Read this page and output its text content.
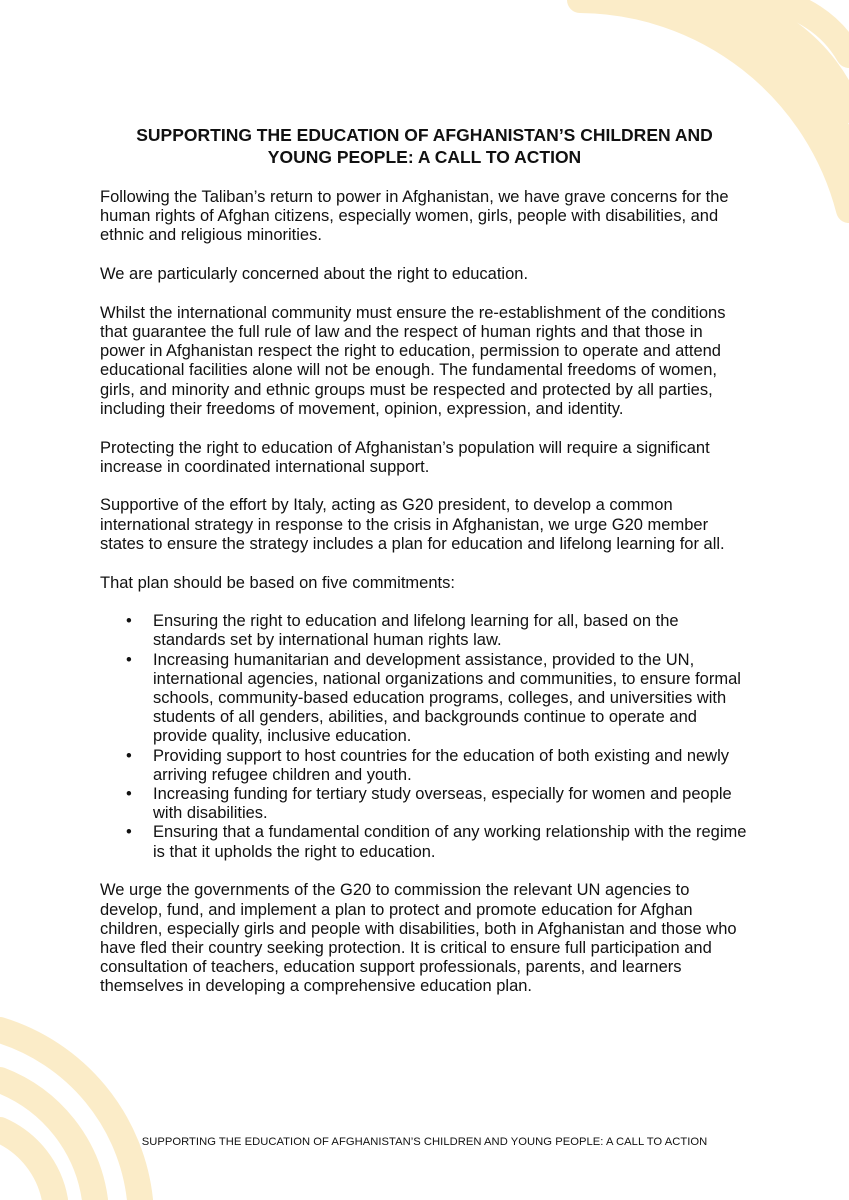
SUPPORTING THE EDUCATION OF AFGHANISTAN’S CHILDREN AND
YOUNG PEOPLE: A CALL TO ACTION

Following the Taliban’s return to power in Afghanistan, we have grave concerns for the human rights of Afghan citizens, especially women, girls, people with disabilities, and ethnic and religious minorities.

We are particularly concerned about the right to education.

Whilst the international community must ensure the re-establishment of the conditions that guarantee the full rule of law and the respect of human rights and that those in power in Afghanistan respect the right to education, permission to operate and attend educational facilities alone will not be enough. The fundamental freedoms of women, girls, and minority and ethnic groups must be respected and protected by all parties, including their freedoms of movement, opinion, expression, and identity.

Protecting the right to education of Afghanistan’s population will require a significant increase in coordinated international support.

Supportive of the effort by Italy, acting as G20 president, to develop a common international strategy in response to the crisis in Afghanistan, we urge G20 member states to ensure the strategy includes a plan for education and lifelong learning for all.

That plan should be based on five commitments:

• Ensuring the right to education and lifelong learning for all, based on the standards set by international human rights law.
• Increasing humanitarian and development assistance, provided to the UN, international agencies, national organizations and communities, to ensure formal schools, community-based education programs, colleges, and universities with students of all genders, abilities, and backgrounds continue to operate and provide quality, inclusive education.
• Providing support to host countries for the education of both existing and newly arriving refugee children and youth.
• Increasing funding for tertiary study overseas, especially for women and people with disabilities.
• Ensuring that a fundamental condition of any working relationship with the regime is that it upholds the right to education.

We urge the governments of the G20 to commission the relevant UN agencies to develop, fund, and implement a plan to protect and promote education for Afghan children, especially girls and people with disabilities, both in Afghanistan and those who have fled their country seeking protection. It is critical to ensure full participation and consultation of teachers, education support professionals, parents, and learners themselves in developing a comprehensive education plan.

SUPPORTING THE EDUCATION OF AFGHANISTAN’S CHILDREN AND YOUNG PEOPLE: A CALL TO ACTION
